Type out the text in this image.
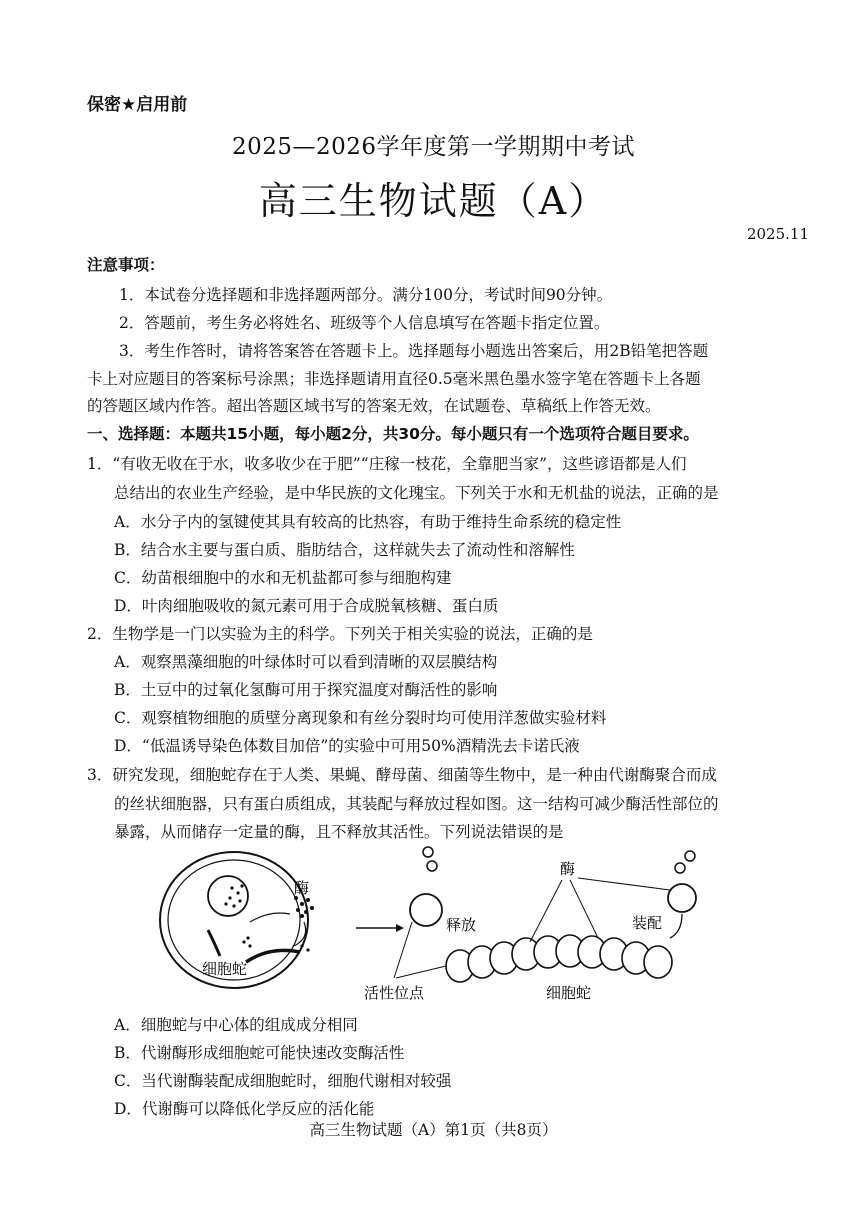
保密★启用前
2025—2026学年度第一学期期中考试
高三生物试题（A）
2025.11
注意事项：
1．本试卷分选择题和非选择题两部分。满分100分，考试时间90分钟。
2．答题前，考生务必将姓名、班级等个人信息填写在答题卡指定位置。
3．考生作答时，请将答案答在答题卡上。选择题每小题选出答案后，用2B铅笔把答题
卡上对应题目的答案标号涂黑；非选择题请用直径0.5毫米黑色墨水签字笔在答题卡上各题
的答题区域内作答。超出答题区域书写的答案无效，在试题卷、草稿纸上作答无效。
一、选择题：本题共15小题，每小题2分，共30分。每小题只有一个选项符合题目要求。
1．“有收无收在于水，收多收少在于肥”“庄稼一枝花，全靠肥当家”，这些谚语都是人们
总结出的农业生产经验，是中华民族的文化瑰宝。下列关于水和无机盐的说法，正确的是
A．水分子内的氢键使其具有较高的比热容，有助于维持生命系统的稳定性
B．结合水主要与蛋白质、脂肪结合，这样就失去了流动性和溶解性
C．幼苗根细胞中的水和无机盐都可参与细胞构建
D．叶肉细胞吸收的氮元素可用于合成脱氧核糖、蛋白质
2．生物学是一门以实验为主的科学。下列关于相关实验的说法，正确的是
A．观察黑藻细胞的叶绿体时可以看到清晰的双层膜结构
B．土豆中的过氧化氢酶可用于探究温度对酶活性的影响
C．观察植物细胞的质壁分离现象和有丝分裂时均可使用洋葱做实验材料
D．“低温诱导染色体数目加倍”的实验中可用50%酒精洗去卡诺氏液
3．研究发现，细胞蛇存在于人类、果蝇、酵母菌、细菌等生物中，是一种由代谢酶聚合而成
的丝状细胞器，只有蛋白质组成，其装配与释放过程如图。这一结构可减少酶活性部位的
暴露，从而储存一定量的酶，且不释放其活性。下列说法错误的是
酶
细胞蛇
释放	装配
酶
活性位点	细胞蛇
A．细胞蛇与中心体的组成成分相同
B．代谢酶形成细胞蛇可能快速改变酶活性
C．当代谢酶装配成细胞蛇时，细胞代谢相对较强
D．代谢酶可以降低化学反应的活化能
高三生物试题（A）第1页（共8页）
